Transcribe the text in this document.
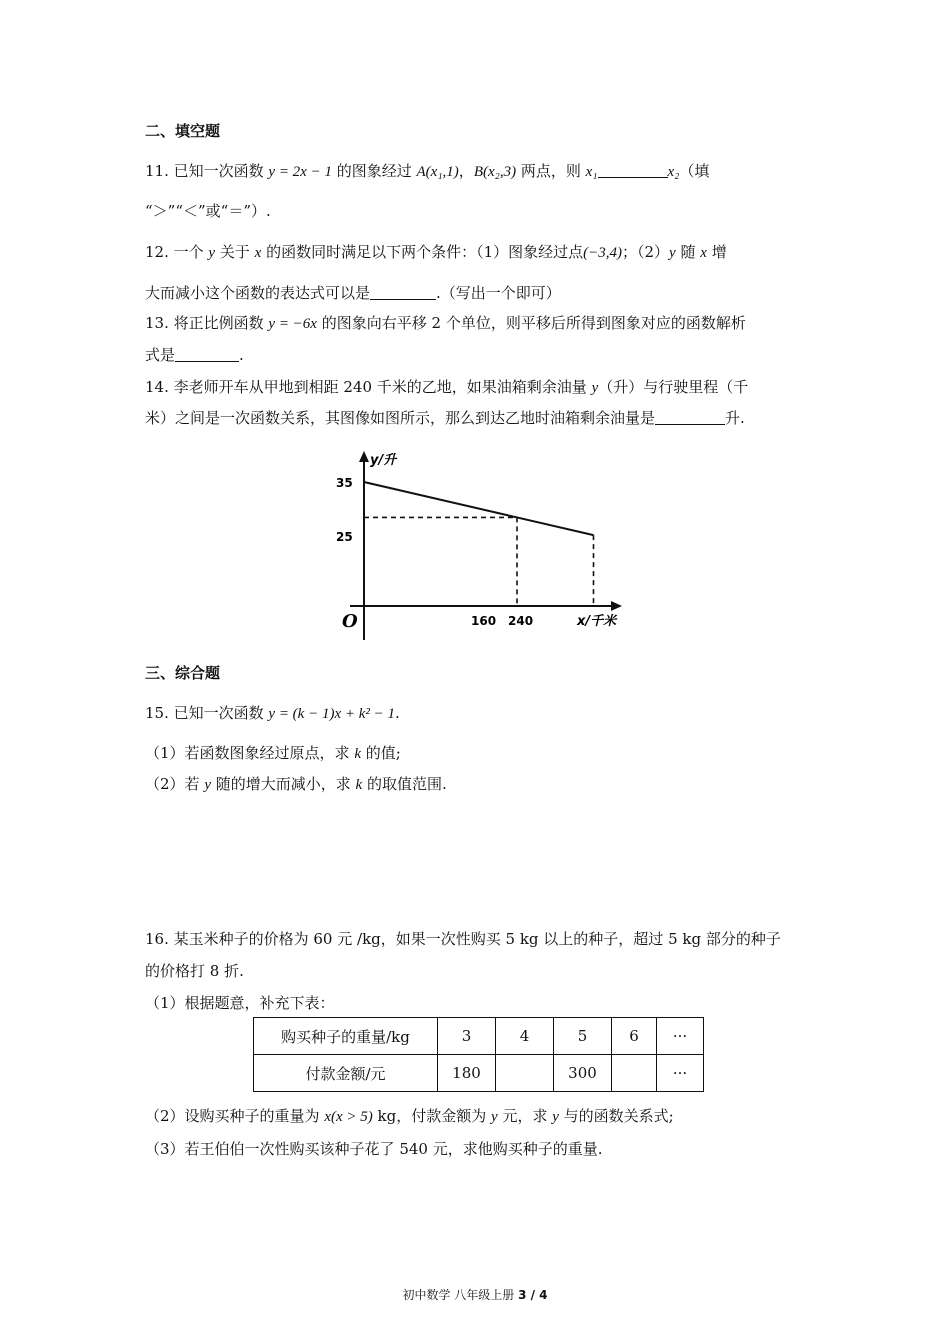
二、填空题
11. 已知一次函数 y = 2x − 1 的图象经过 A(x₁,1)，B(x₂,3) 两点，则 x₁	x₂（填
“＞”“＜”或“＝”）.
12. 一个 y 关于 x 的函数同时满足以下两个条件：（1）图象经过点(−3,4)；（2）y 随 x 增
大而减小这个函数的表达式可以是	.（写出一个即可）
13. 将正比例函数 y = −6x 的图象向右平移 2 个单位，则平移后所得到图象对应的函数解析
式是	.
14. 李老师开车从甲地到相距 240 千米的乙地，如果油箱剩余油量 y（升）与行驶里程（千
米）之间是一次函数关系，其图像如图所示，那么到达乙地时油箱剩余油量是	升.
y/升
x/千米
O
35
25
160 240
三、综合题
15. 已知一次函数 y = (k − 1)x + k² − 1.
（1）若函数图象经过原点，求 k 的值;
（2）若 y 随的增大而减小，求 k 的取值范围.
16. 某玉米种子的价格为 60 元 /kg，如果一次性购买 5 kg 以上的种子，超过 5 kg 部分的种子
的价格打 8 折.
（1）根据题意，补充下表：
购买种子的重量/kg	3	4	5	6	···
付款金额/元	180		300		···
（2）设购买种子的重量为 x(x > 5) kg，付款金额为 y 元，求 y 与的函数关系式;
（3）若王伯伯一次性购买该种子花了 540 元，求他购买种子的重量.
初中数学 八年级上册 3 / 4
